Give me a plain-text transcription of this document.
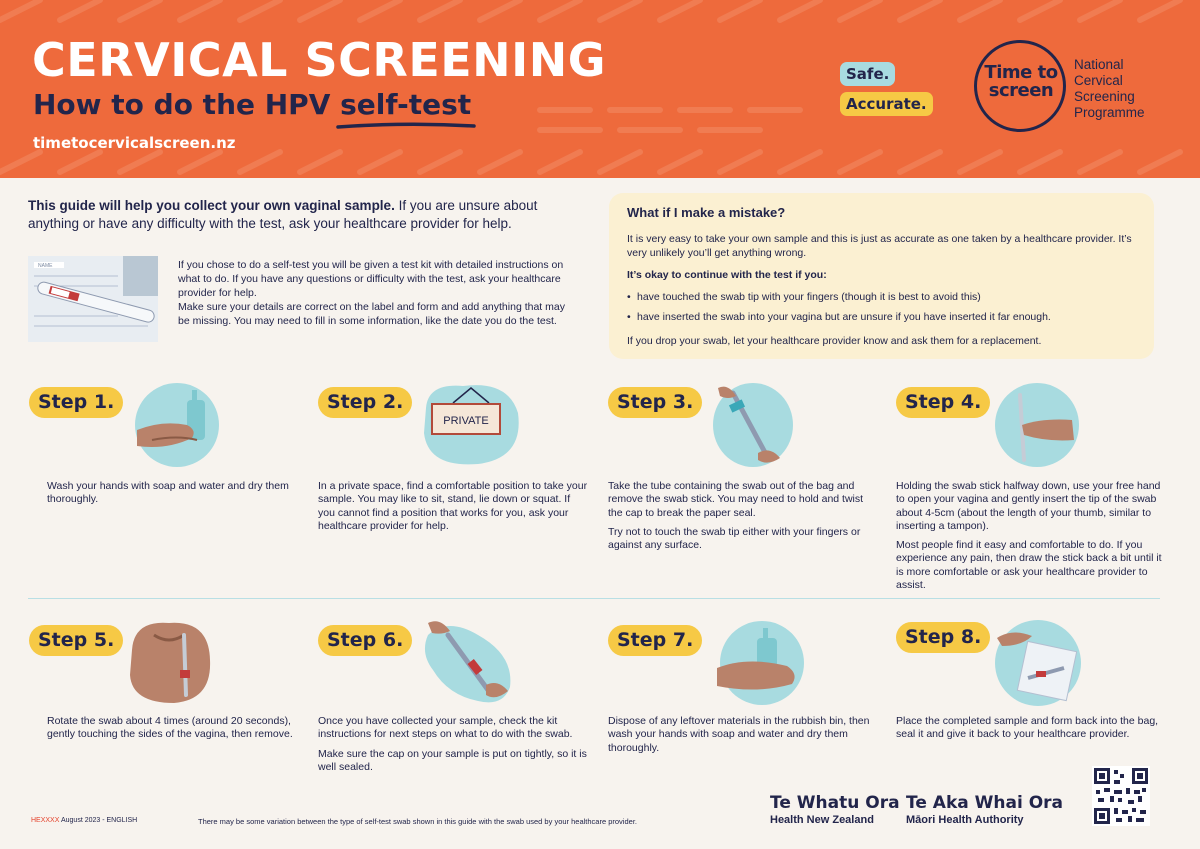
CERVICAL SCREENING
How to do the HPV self-test
timetocervicalscreen.nz
Safe.
Accurate.
Time to
screen
National
Cervical
Screening
Programme
This guide will help you collect your own vaginal sample. If you are unsure about anything or have any difficulty with the test, ask your healthcare provider for help.
NAME	If you chose to do a self-test you will be given a test kit with detailed instructions on what to do. If you have any questions or difficulty with the test, ask your healthcare provider for help.
Make sure your details are correct on the label and form and add anything that may be missing. You may need to fill in some information, like the date you do the test.
What if I make a mistake?
It is very easy to take your own sample and this is just as accurate as one taken by a healthcare provider. It’s very unlikely you’ll get anything wrong.
It’s okay to continue with the test if you:
• have touched the swab tip with your fingers (though it is best to avoid this)
• have inserted the swab into your vagina but are unsure if you have inserted it far enough.
If you drop your swab, let your healthcare provider know and ask them for a replacement.
Step 1.

Wash your hands with soap and water and dry them thoroughly.

Step 2.
PRIVATE

In a private space, find a comfortable position to take your sample. You may like to sit, stand, lie down or squat. If you cannot find a position that works for you, ask your healthcare provider for help.

Step 3.

Take the tube containing the swab out of the bag and remove the swab stick. You may need to hold and twist the cap to break the paper seal.

Try not to touch the swab tip either with your fingers or against any surface.

Step 4.

Holding the swab stick halfway down, use your free hand to open your vagina and gently insert the tip of the swab about 4-5cm (about the length of your thumb, similar to inserting a tampon).

Most people find it easy and comfortable to do. If you experience any pain, then draw the stick back a bit until it is more comfortable or ask your healthcare provider to assist.

Step 5.

Rotate the swab about 4 times (around 20 seconds), gently touching the sides of the vagina, then remove.

Step 6.

Once you have collected your sample, check the kit instructions for next steps on what to do with the swab.

Make sure the cap on your sample is put on tightly, so it is well sealed.

Step 7.

Dispose of any leftover materials in the rubbish bin, then wash your hands with soap and water and dry them thoroughly.

Step 8.

Place the completed sample and form back into the bag, seal it and give it back to your healthcare provider.

HEXXXX August 2023 - ENGLISH	There may be some variation between the type of self-test swab shown in this guide with the swab used by your healthcare provider.
Te Whatu Ora
Health New Zealand
Te Aka Whai Ora
Māori Health Authority
